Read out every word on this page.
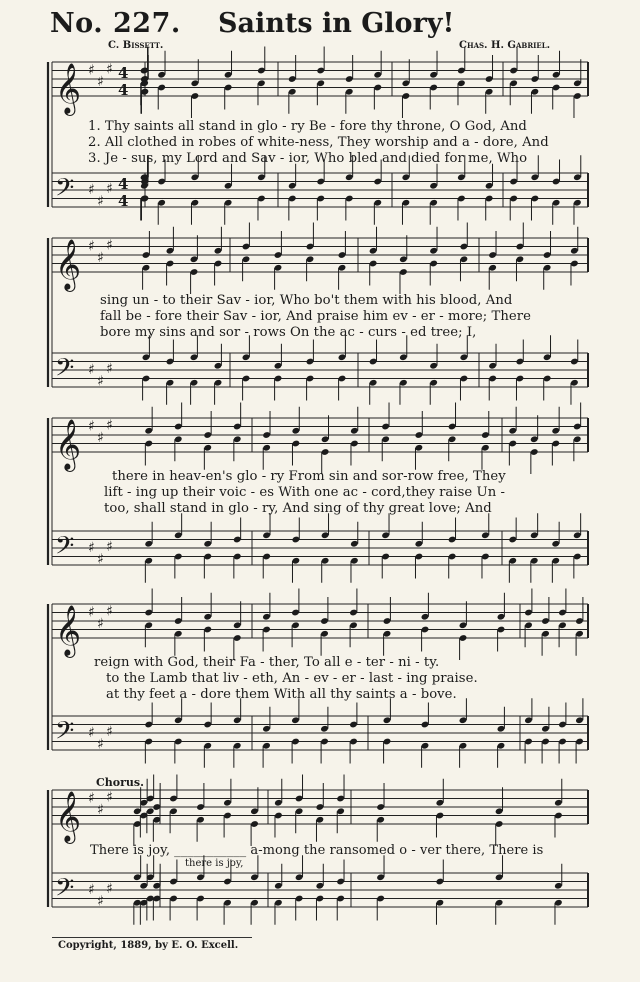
No. 227. Saints in Glory!
C. Bissett.	Chas. H. Gabriel.
𝄞
𝄢
♯
♯
♯
♯
♯
♯
4
4
4
4
𝄞
𝄢
♯
♯
♯
♯
♯
♯
𝄞
𝄢
♯
♯
♯
♯
♯
♯
𝄞
𝄢
♯
♯
♯
♯
♯
♯
𝄞
𝄢
♯
♯
♯
♯
♯
♯
1. Thy saints all stand in glo - ry Be - fore thy throne, O God, And
2. All clothed in robes of white-ness, They worship and a - dore, And
3. Je - sus, my Lord and Sav - ior, Who bled and died for me, Who
sing un - to their Sav - ior, Who bo't them with his blood, And
fall be - fore their Sav - ior, And praise him ev - er - more; There
bore my sins and sor - rows On the ac - curs - ed tree; I,
there in heav-en's glo - ry From sin and sor-row free, They
lift - ing up their voic - es With one ac - cord,they raise Un -
too, shall stand in glo - ry, And sing of thy great love; And
reign with God, their Fa - ther, To all e - ter - ni - ty.
to the Lamb that liv - eth, An - ev - er - last - ing praise.
at thy feet a - dore them With all thy saints a - bove.
Chorus.
There is joy, ___________ a-mong the ransomed o - ver there, There is
there is joy,
Copyright, 1889, by E. O. Excell.
